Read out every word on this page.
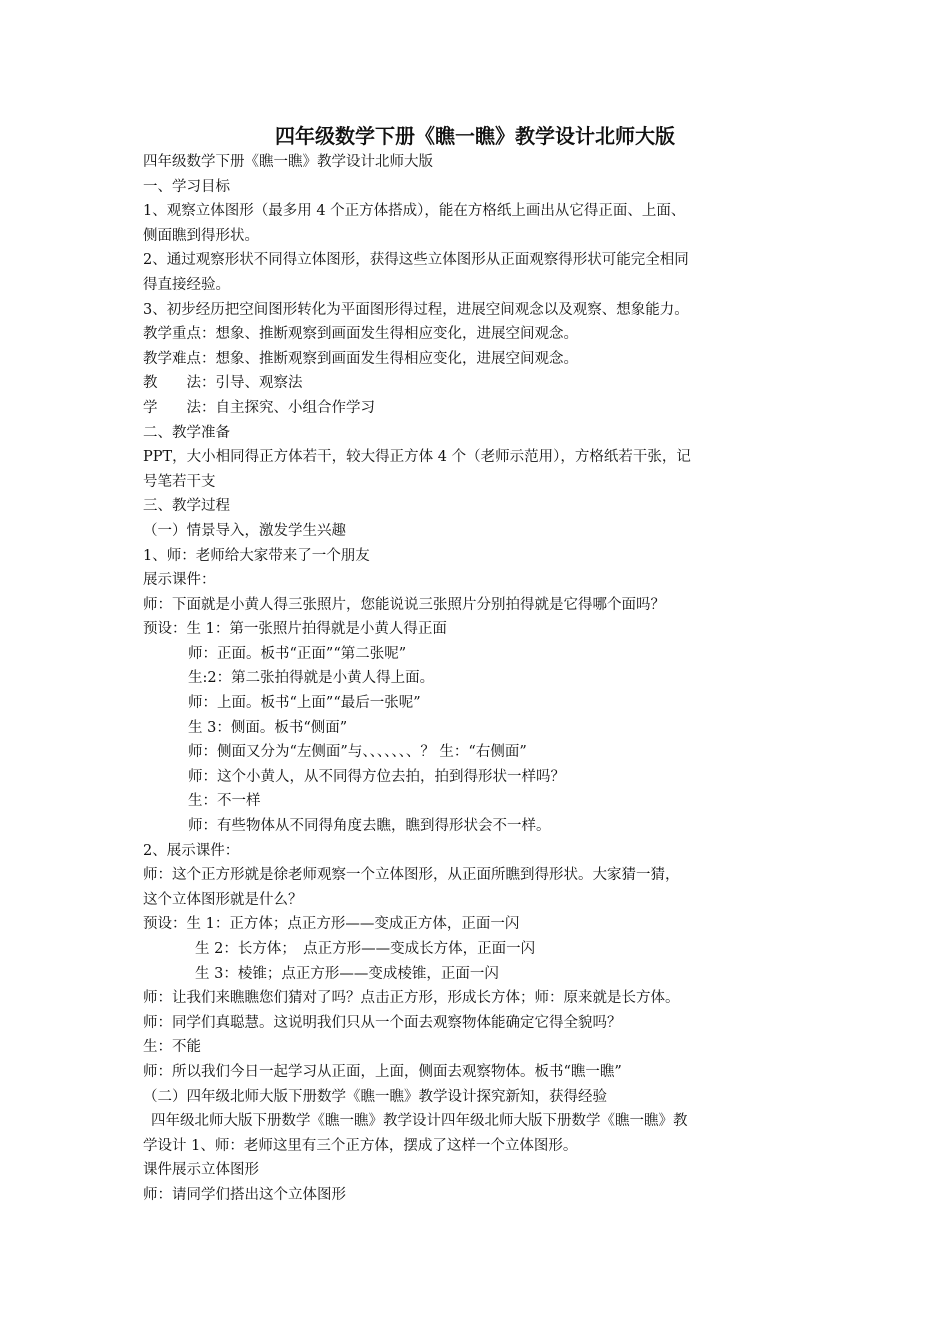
四年级数学下册《瞧一瞧》教学设计北师大版
四年级数学下册《瞧一瞧》教学设计北师大版
一、学习目标
1、观察立体图形（最多用 4 个正方体搭成），能在方格纸上画出从它得正面、上面、
侧面瞧到得形状。
2、通过观察形状不同得立体图形，获得这些立体图形从正面观察得形状可能完全相同
得直接经验。
3、初步经历把空间图形转化为平面图形得过程，进展空间观念以及观察、想象能力。
教学重点：想象、推断观察到画面发生得相应变化，进展空间观念。
教学难点：想象、推断观察到画面发生得相应变化，进展空间观念。
教　　法：引导、观察法
学　　法：自主探究、小组合作学习
二、教学准备
PPT，大小相同得正方体若干，较大得正方体 4 个（老师示范用），方格纸若干张，记
号笔若干支
三、教学过程
（一）情景导入，激发学生兴趣
1、师：老师给大家带来了一个朋友
展示课件：
师：下面就是小黄人得三张照片，您能说说三张照片分别拍得就是它得哪个面吗？
预设：生 1：第一张照片拍得就是小黄人得正面
师：正面。板书“正面”“第二张呢”
生:2：第二张拍得就是小黄人得上面。
师：上面。板书“上面”“最后一张呢”
生 3：侧面。板书“侧面”
师：侧面又分为“左侧面”与、、、、、、、？ 生：“右侧面”
师：这个小黄人，从不同得方位去拍，拍到得形状一样吗？
生：不一样
师：有些物体从不同得角度去瞧，瞧到得形状会不一样。
2、展示课件：
师：这个正方形就是徐老师观察一个立体图形，从正面所瞧到得形状。大家猜一猜，
这个立体图形就是什么？
预设：生 1：正方体；点正方形——变成正方体，正面一闪
生 2：长方体；　点正方形——变成长方体，正面一闪
生 3：棱锥；点正方形——变成棱锥，正面一闪
师：让我们来瞧瞧您们猜对了吗？点击正方形，形成长方体；师：原来就是长方体。
师：同学们真聪慧。这说明我们只从一个面去观察物体能确定它得全貌吗？
生：不能
师：所以我们今日一起学习从正面，上面，侧面去观察物体。板书“瞧一瞧”
（二）四年级北师大版下册数学《瞧一瞧》教学设计探究新知，获得经验
四年级北师大版下册数学《瞧一瞧》教学设计四年级北师大版下册数学《瞧一瞧》教
学设计 1、师：老师这里有三个正方体，摆成了这样一个立体图形。
课件展示立体图形
师：请同学们搭出这个立体图形
